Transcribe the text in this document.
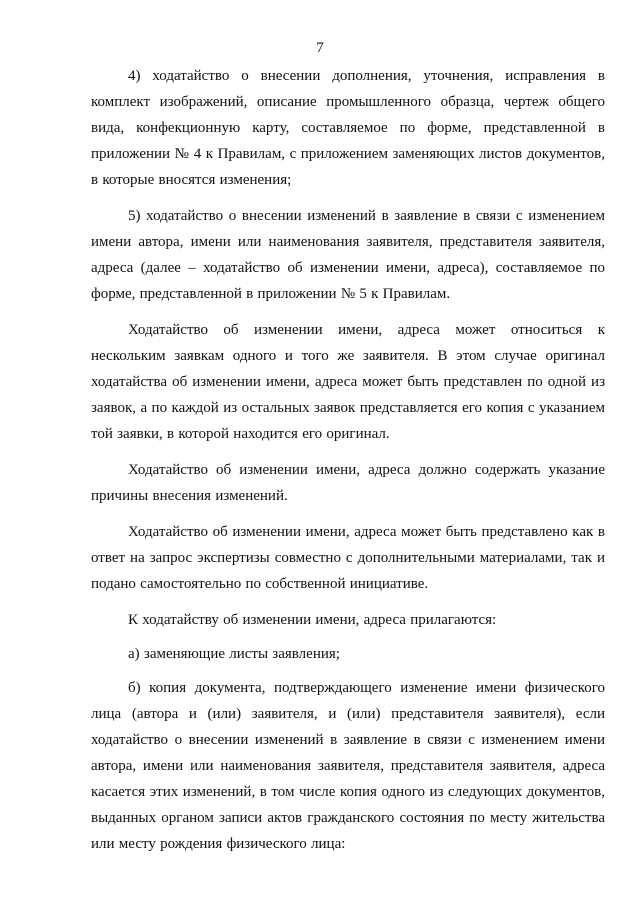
7

4) ходатайство о внесении дополнения, уточнения, исправления в комплект изображений, описание промышленного образца, чертеж общего вида, конфекционную карту, составляемое по форме, представленной в приложении № 4 к Правилам, с приложением заменяющих листов документов, в которые вносятся изменения;

5) ходатайство о внесении изменений в заявление в связи с изменением имени автора, имени или наименования заявителя, представителя заявителя, адреса (далее – ходатайство об изменении имени, адреса), составляемое по форме, представленной в приложении № 5 к Правилам.

Ходатайство об изменении имени, адреса может относиться к нескольким заявкам одного и того же заявителя. В этом случае оригинал ходатайства об изменении имени, адреса может быть представлен по одной из заявок, а по каждой из остальных заявок представляется его копия с указанием той заявки, в которой находится его оригинал.

Ходатайство об изменении имени, адреса должно содержать указание причины внесения изменений.

Ходатайство об изменении имени, адреса может быть представлено как в ответ на запрос экспертизы совместно с дополнительными материалами, так и подано самостоятельно по собственной инициативе.

К ходатайству об изменении имени, адреса прилагаются:

а) заменяющие листы заявления;

б) копия документа, подтверждающего изменение имени физического лица (автора и (или) заявителя, и (или) представителя заявителя), если ходатайство о внесении изменений в заявление в связи с изменением имени автора, имени или наименования заявителя, представителя заявителя, адреса касается этих изменений, в том числе копия одного из следующих документов, выданных органом записи актов гражданского состояния по месту жительства или месту рождения физического лица:
